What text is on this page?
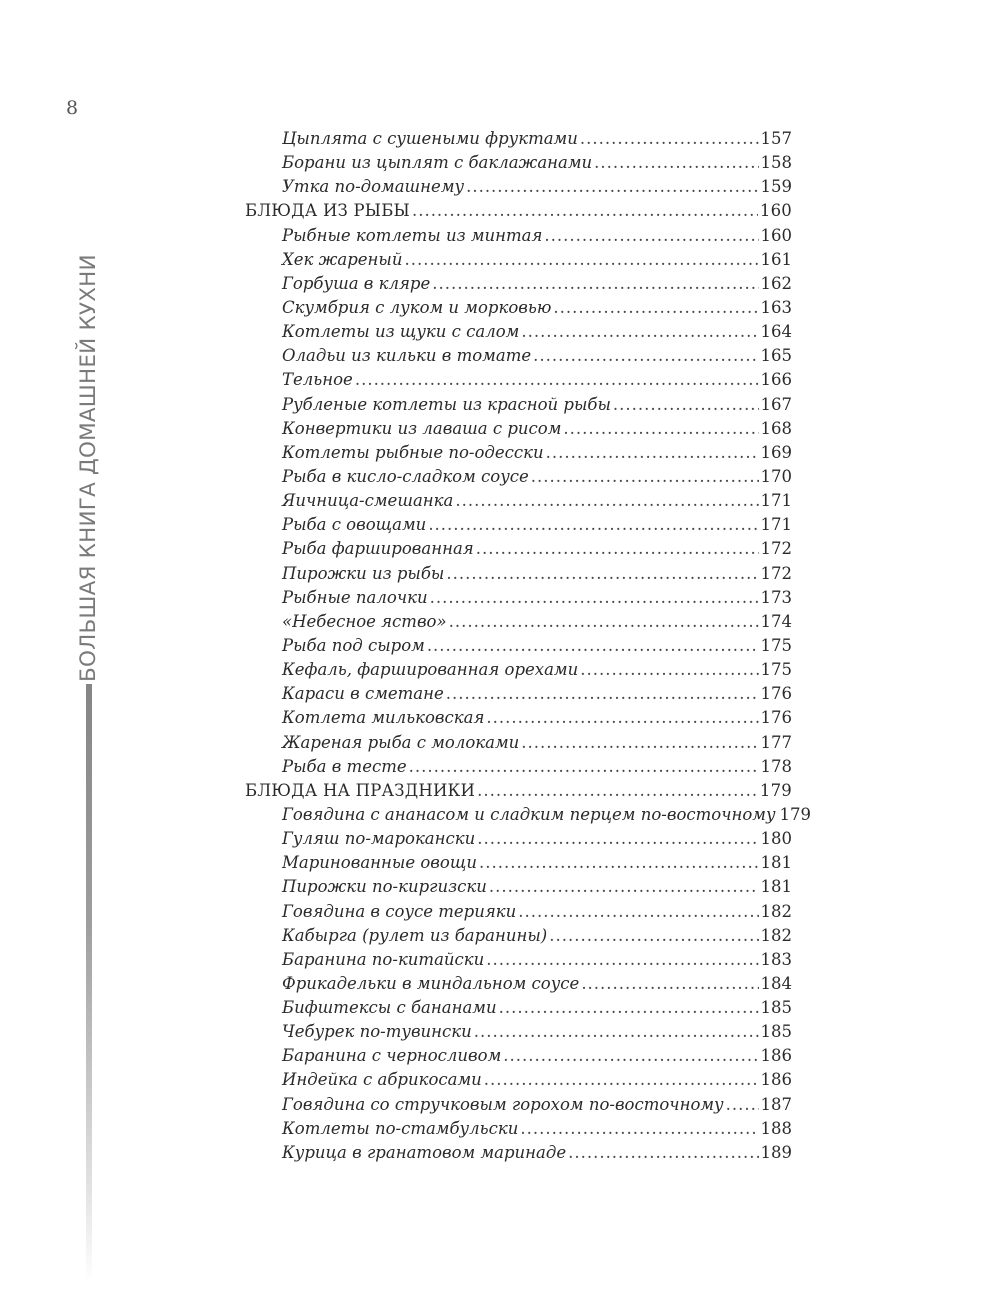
8
БОЛЬШАЯ КНИГА ДОМАШНЕЙ КУХНИ
Цыплята с сушеными фруктами .....	157
Борани из цыплят с баклажанами .....	158
Утка по-домашнему .....	159
БЛЮДА ИЗ РЫБЫ .....	160
Рыбные котлеты из минтая .....	160
Хек жареный .....	161
Горбуша в кляре .....	162
Скумбрия с луком и морковью .....	163
Котлеты из щуки с салом .....	164
Оладьи из кильки в томате .....	165
Тельное .....	166
Рубленые котлеты из красной рыбы .....	167
Конвертики из лаваша с рисом .....	168
Котлеты рыбные по-одесски .....	169
Рыба в кисло-сладком соусе .....	170
Яичница-смешанка .....	171
Рыба с овощами .....	171
Рыба фаршированная .....	172
Пирожки из рыбы .....	172
Рыбные палочки .....	173
«Небесное яство» .....	174
Рыба под сыром .....	175
Кефаль, фаршированная орехами .....	175
Караси в сметане .....	176
Котлета мильковская .....	176
Жареная рыба с молоками .....	177
Рыба в тесте .....	178
БЛЮДА НА ПРАЗДНИКИ .....	179
Говядина с ананасом и сладким перцем по-восточному 179
Гуляш по-марокански .....	180
Маринованные овощи .....	181
Пирожки по-киргизски .....	181
Говядина в соусе терияки .....	182
Кабырга (рулет из баранины) .....	182
Баранина по-китайски .....	183
Фрикадельки в миндальном соусе .....	184
Бифштексы с бананами .....	185
Чебурек по-тувински .....	185
Баранина с черносливом .....	186
Индейка с абрикосами .....	186
Говядина со стручковым горохом по-восточному ..... 187
Котлеты по-стамбульски .....	188
Курица в гранатовом маринаде .....	189
